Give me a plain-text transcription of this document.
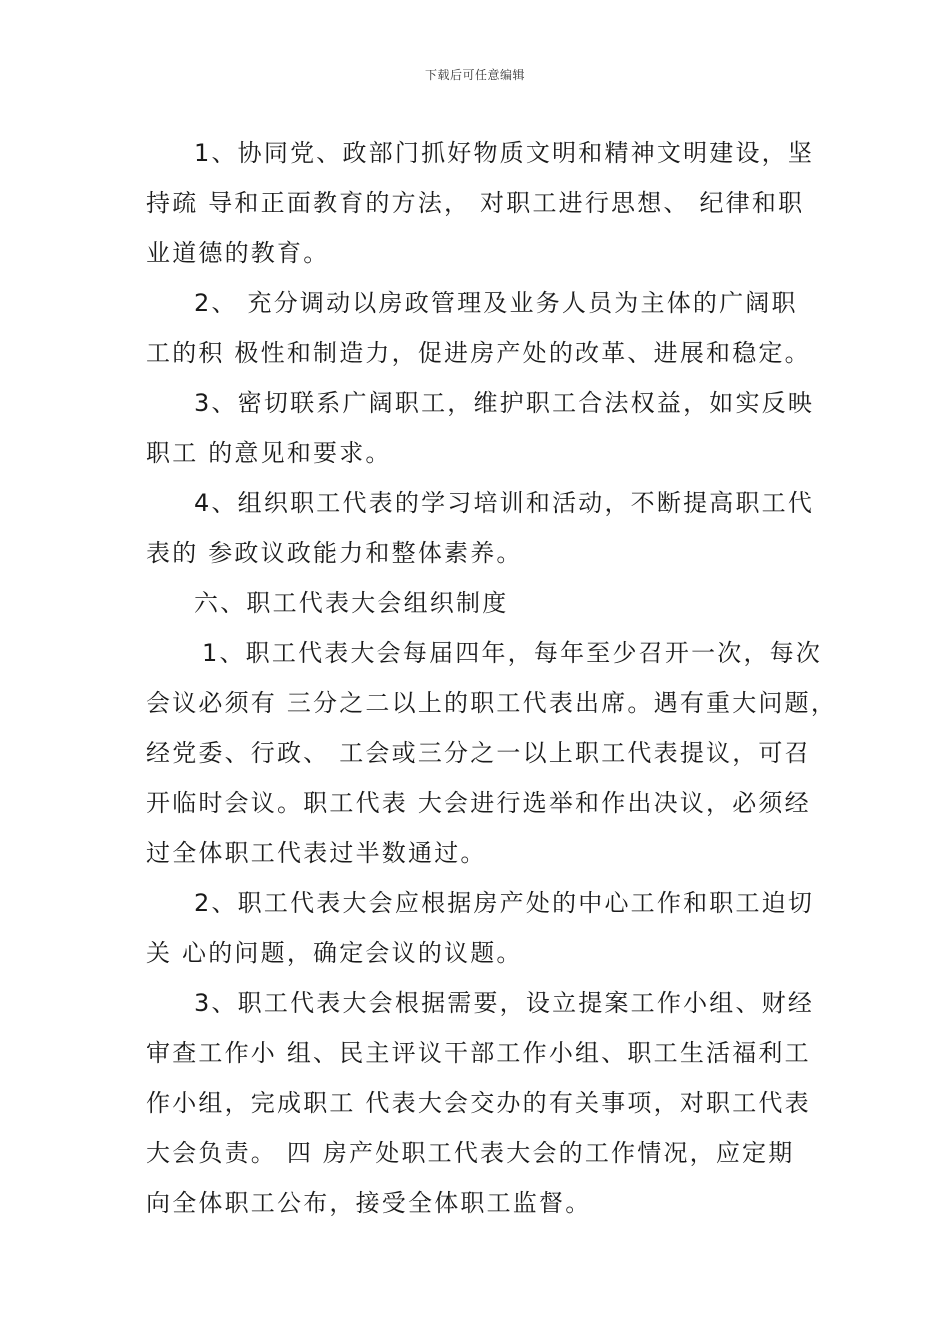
下载后可任意编辑

1、协同党、政部门抓好物质文明和精神文明建设，坚
持疏 导和正面教育的方法， 对职工进行思想、 纪律和职
业道德的教育。

2、 充分调动以房政管理及业务人员为主体的广阔职
工的积 极性和制造力，促进房产处的改革、进展和稳定。

3、密切联系广阔职工，维护职工合法权益，如实反映
职工 的意见和要求。

4、组织职工代表的学习培训和活动，不断提高职工代
表的 参政议政能力和整体素养。

六、职工代表大会组织制度

1、职工代表大会每届四年，每年至少召开一次，每次
会议必须有 三分之二以上的职工代表出席。遇有重大问题，
经党委、行政、 工会或三分之一以上职工代表提议，可召
开临时会议。职工代表 大会进行选举和作出决议，必须经
过全体职工代表过半数通过。

2、职工代表大会应根据房产处的中心工作和职工迫切
关 心的问题，确定会议的议题。

3、职工代表大会根据需要，设立提案工作小组、财经
审查工作小 组、民主评议干部工作小组、职工生活福利工
作小组，完成职工 代表大会交办的有关事项，对职工代表
大会负责。 四 房产处职工代表大会的工作情况，应定期
向全体职工公布，接受全体职工监督。
